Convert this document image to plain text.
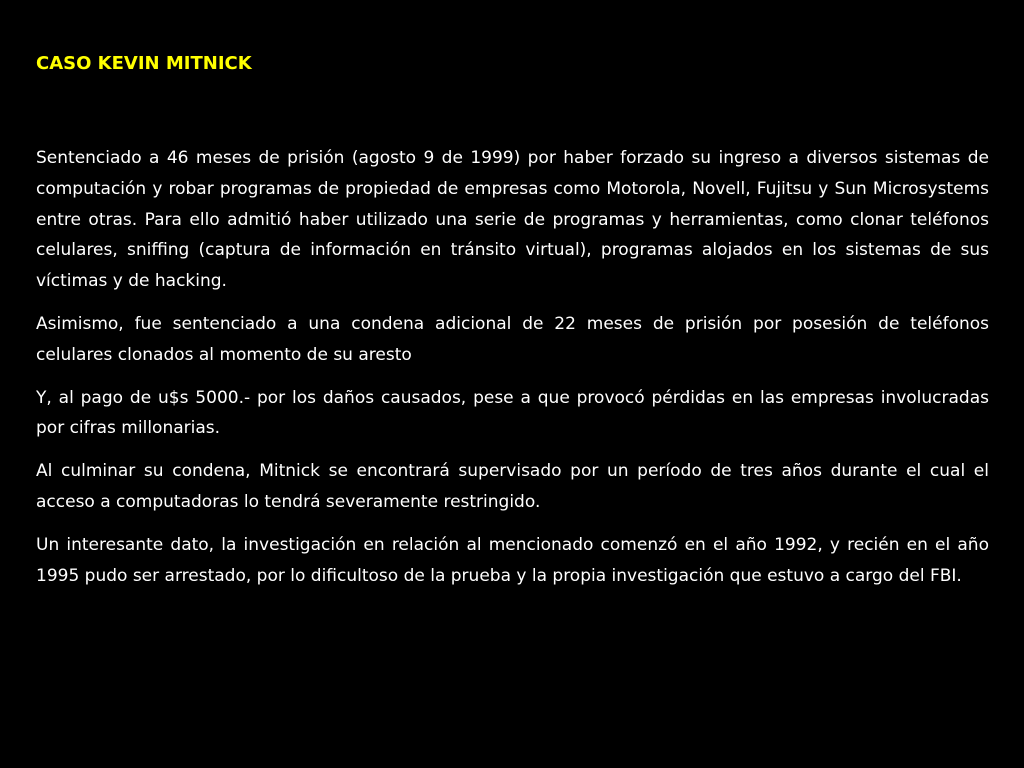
CASO KEVIN MITNICK

Sentenciado a 46 meses de prisión (agosto 9 de 1999) por haber forzado su ingreso a diversos sistemas de computación y robar programas de propiedad de empresas como Motorola, Novell, Fujitsu y Sun Microsystems entre otras. Para ello admitió haber utilizado una serie de programas y herramientas, como clonar teléfonos celulares, sniffing (captura de información en tránsito virtual), programas alojados en los sistemas de sus víctimas y de hacking.

Asimismo, fue sentenciado a una condena adicional de 22 meses de prisión por posesión de teléfonos celulares clonados al momento de su aresto

Y, al pago de u$s 5000.- por los daños causados, pese a que provocó pérdidas en las empresas involucradas por cifras millonarias.

Al culminar su condena, Mitnick se encontrará supervisado por un período de tres años durante el cual el acceso a computadoras lo tendrá severamente restringido.

Un interesante dato, la investigación en relación al mencionado comenzó en el año 1992, y recién en el año 1995 pudo ser arrestado, por lo dificultoso de la prueba y la propia investigación que estuvo a cargo del FBI.
